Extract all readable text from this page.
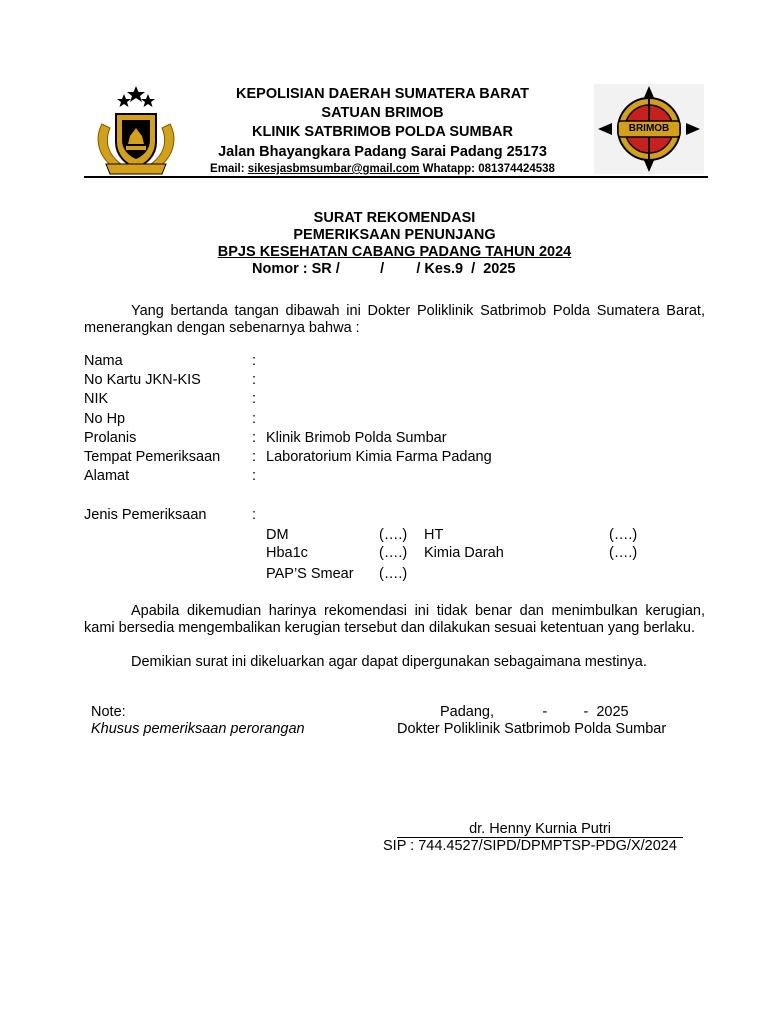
KEPOLISIAN DAERAH SUMATERA BARAT
SATUAN BRIMOB
KLINIK SATBRIMOB POLDA SUMBAR
Jalan Bhayangkara Padang Sarai Padang 25173
Email: sikesjasbmsumbar@gmail.com Whatapp: 081374424538
BRIMOB
SURAT REKOMENDASI
PEMERIKSAAN PENUNJANG
BPJS KESEHATAN CABANG PADANG TAHUN 2024
Nomor : SR /          /        / Kes.9  /  2025
Yang bertanda tangan dibawah ini Dokter Poliklinik Satbrimob Polda Sumatera Barat, menerangkan dengan sebenarnya bahwa :
Nama	:
No Kartu JKN-KIS	:
NIK	:
No Hp	:
Prolanis	: Klinik Brimob Polda Sumbar
Tempat Pemeriksaan : Laboratorium Kimia Farma Padang
Alamat	:
Jenis Pemeriksaan	:
DM	(….) HT	(….)
Hba1c	(….) Kimia Darah	(….)
PAP’S Smear (….)
Apabila dikemudian harinya rekomendasi ini tidak benar dan menimbulkan kerugian, kami bersedia mengembalikan kerugian tersebut dan dilakukan sesuai ketentuan yang berlaku.
Demikian surat ini dikeluarkan agar dapat dipergunakan sebagaimana mestinya.
Note:
Khusus pemeriksaan perorangan
Padang,            -         -  2025
Dokter Poliklinik Satbrimob Polda Sumbar
dr. Henny Kurnia Putri
SIP : 744.4527/SIPD/DPMPTSP-PDG/X/2024
